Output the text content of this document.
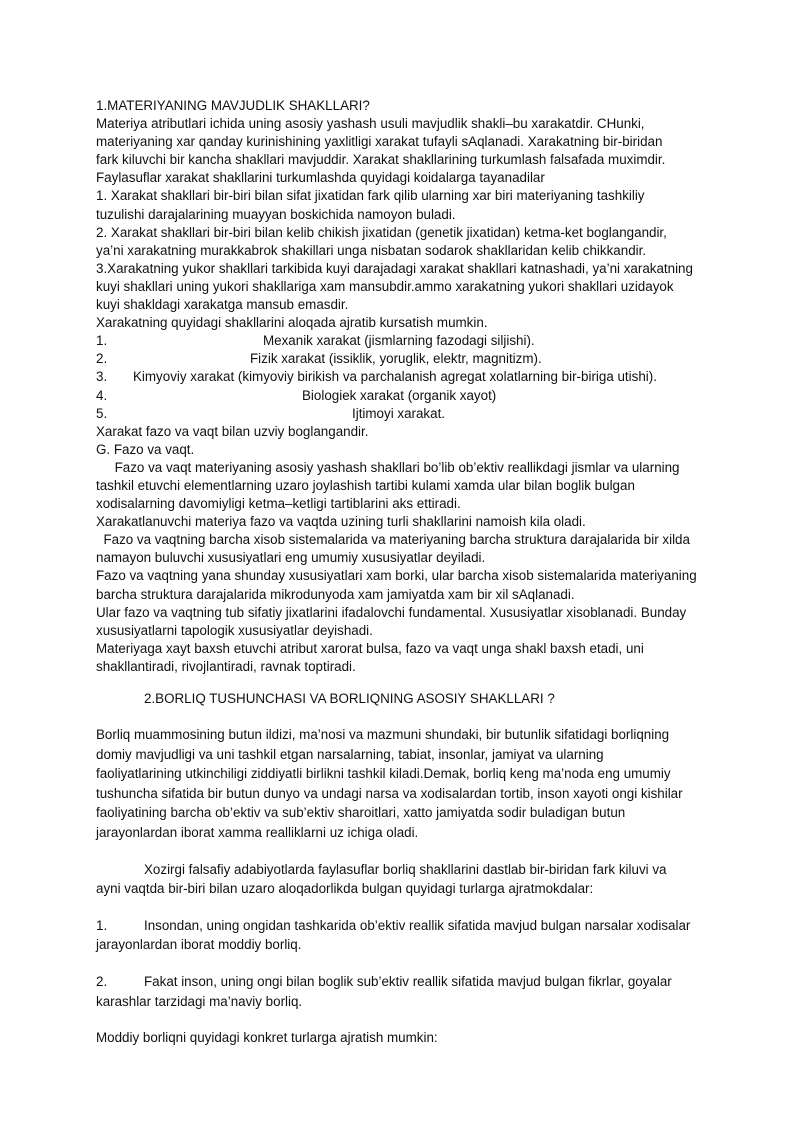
1.MATERIYANING MAVJUDLIK SHAKLLARI?
Materiya atributlari ichida uning asosiy yashash usuli mavjudlik shakli–bu xarakatdir. CHunki,
materiyaning xar qanday kurinishining yaxlitligi xarakat tufayli sAqlanadi. Xarakatning bir-biridan
fark kiluvchi bir kancha shakllari mavjuddir. Xarakat shakllarining turkumlash falsafada muximdir.
Faylasuflar xarakat shakllarini turkumlashda quyidagi koidalarga tayanadilar
1. Xarakat shakllari bir-biri bilan sifat jixatidan fark qilib ularning xar biri materiyaning tashkiliy
tuzulishi darajalarining muayyan boskichida namoyon buladi.
2. Xarakat shakllari bir-biri bilan kelib chikish jixatidan (genetik jixatidan) ketma-ket boglangandir,
ya’ni xarakatning murakkabrok shakillari unga nisbatan sodarok shakllaridan kelib chikkandir.
3.Xarakatning yukor shakllari tarkibida kuyi darajadagi xarakat shakllari katnashadi, ya’ni xarakatning
kuyi shakllari uning yukori shakllariga xam mansubdir.ammo xarakatning yukori shakllari uzidayok
kuyi shakldagi xarakatga mansub emasdir.
Xarakatning quyidagi shakllarini aloqada ajratib kursatish mumkin.
1.	Mexanik xarakat (jismlarning fazodagi siljishi).
2.	Fizik xarakat (issiklik, yoruglik, elektr, magnitizm).
3. Kimyoviy xarakat (kimyoviy birikish va parchalanish agregat xolatlarning bir-biriga utishi).
4.	Biologiek xarakat (organik xayot)
5.	Ijtimoyi xarakat.
Xarakat fazo va vaqt bilan uzviy boglangandir.
G. Fazo va vaqt.
Fazo va vaqt materiyaning asosiy yashash shakllari bo’lib ob’ektiv reallikdagi jismlar va ularning
tashkil etuvchi elementlarning uzaro joylashish tartibi kulami xamda ular bilan boglik bulgan
xodisalarning davomiyligi ketma–ketligi tartiblarini aks ettiradi.
Xarakatlanuvchi materiya fazo va vaqtda uzining turli shakllarini namoish kila oladi.
Fazo va vaqtning barcha xisob sistemalarida va materiyaning barcha struktura darajalarida bir xilda
namayon buluvchi xususiyatlari eng umumiy xususiyatlar deyiladi.
Fazo va vaqtning yana shunday xususiyatlari xam borki, ular barcha xisob sistemalarida materiyaning
barcha struktura darajalarida mikrodunyoda xam jamiyatda xam bir xil sAqlanadi.
Ular fazo va vaqtning tub sifatiy jixatlarini ifadalovchi fundamental. Xususiyatlar xisoblanadi. Bunday
xususiyatlarni tapologik xususiyatlar deyishadi.
Materiyaga xayt baxsh etuvchi atribut xarorat bulsa, fazo va vaqt unga shakl baxsh etadi, uni
shakllantiradi, rivojlantiradi, ravnak toptiradi.
2.BORLIQ TUSHUNCHASI VA BORLIQNING ASOSIY SHAKLLARI ?
Borliq muammosining butun ildizi, ma’nosi va mazmuni shundaki, bir butunlik sifatidagi borliqning
domiy mavjudligi va uni tashkil etgan narsalarning, tabiat, insonlar, jamiyat va ularning
faoliyatlarining utkinchiligi ziddiyatli birlikni tashkil kiladi.Demak, borliq keng ma’noda eng umumiy
tushuncha sifatida bir butun dunyo va undagi narsa va xodisalardan tortib, inson xayoti ongi kishilar
faoliyatining barcha ob’ektiv va sub’ektiv sharoitlari, xatto jamiyatda sodir buladigan butun
jarayonlardan iborat xamma realliklarni uz ichiga oladi.
Xozirgi falsafiy adabiyotlarda faylasuflar borliq shakllarini dastlab bir-biridan fark kiluvi va
ayni vaqtda bir-biri bilan uzaro aloqadorlikda bulgan quyidagi turlarga ajratmokdalar:
1.	Insondan, uning ongidan tashkarida ob’ektiv reallik sifatida mavjud bulgan narsalar xodisalar
jarayonlardan iborat moddiy borliq.
2.	Fakat inson, uning ongi bilan boglik sub’ektiv reallik sifatida mavjud bulgan fikrlar, goyalar
karashlar tarzidagi ma’naviy borliq.
Moddiy borliqni quyidagi konkret turlarga ajratish mumkin:
